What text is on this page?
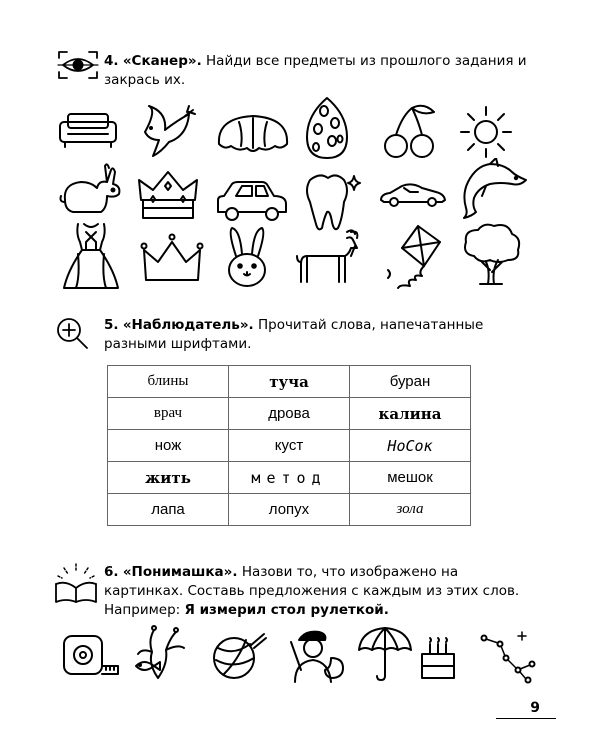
4. «Сканер». Найди все предметы из прошлого задания и закрась их.
5. «Наблюдатель». Прочитай слова, напечатанные разными шрифтами.
блины	туча	буран
врач	дрова	калина
нож	куст	НоСок
жить	метод	мешок
лапа	лопух	зола
6. «Понимашка». Назови то, что изображено на картинках. Составь предложения с каждым из этих слов. Например: Я измерил стол рулеткой.
9
